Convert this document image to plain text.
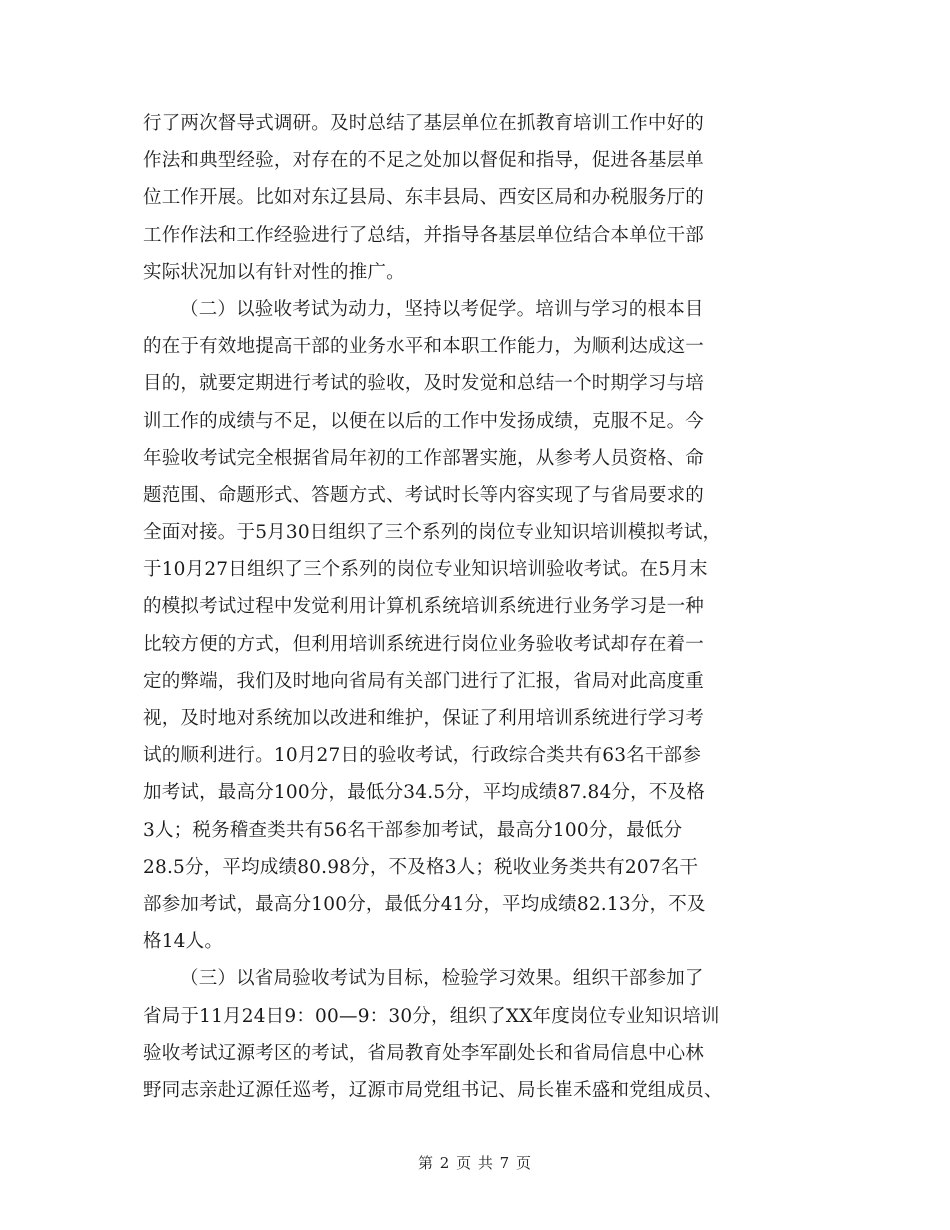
行了两次督导式调研。及时总结了基层单位在抓教育培训工作中好的
作法和典型经验，对存在的不足之处加以督促和指导，促进各基层单
位工作开展。比如对东辽县局、东丰县局、西安区局和办税服务厅的
工作作法和工作经验进行了总结，并指导各基层单位结合本单位干部
实际状况加以有针对性的推广。
（二）以验收考试为动力，坚持以考促学。培训与学习的根本目
的在于有效地提高干部的业务水平和本职工作能力，为顺利达成这一
目的，就要定期进行考试的验收，及时发觉和总结一个时期学习与培
训工作的成绩与不足，以便在以后的工作中发扬成绩，克服不足。今
年验收考试完全根据省局年初的工作部署实施，从参考人员资格、命
题范围、命题形式、答题方式、考试时长等内容实现了与省局要求的
全面对接。于5月30日组织了三个系列的岗位专业知识培训模拟考试，
于10月27日组织了三个系列的岗位专业知识培训验收考试。在5月末
的模拟考试过程中发觉利用计算机系统培训系统进行业务学习是一种
比较方便的方式，但利用培训系统进行岗位业务验收考试却存在着一
定的弊端，我们及时地向省局有关部门进行了汇报，省局对此高度重
视，及时地对系统加以改进和维护，保证了利用培训系统进行学习考
试的顺利进行。10月27日的验收考试，行政综合类共有63名干部参
加考试，最高分100分，最低分34.5分，平均成绩87.84分，不及格
3人；税务稽查类共有56名干部参加考试，最高分100分，最低分
28.5分，平均成绩80.98分，不及格3人；税收业务类共有207名干
部参加考试，最高分100分，最低分41分，平均成绩82.13分，不及
格14人。
（三）以省局验收考试为目标，检验学习效果。组织干部参加了
省局于11月24日9：00—9：30分，组织了XX年度岗位专业知识培训
验收考试辽源考区的考试，省局教育处李军副处长和省局信息中心林
野同志亲赴辽源任巡考，辽源市局党组书记、局长崔禾盛和党组成员、
第 2 页 共 7 页
